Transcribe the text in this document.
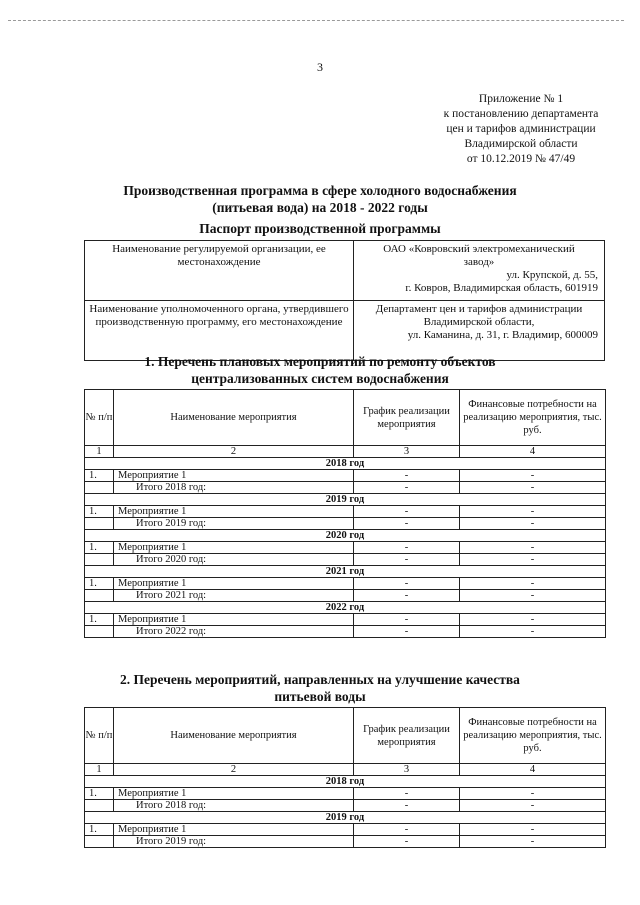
3
Приложение № 1
к постановлению департамента
цен и тарифов администрации
Владимирской области
от 10.12.2019 № 47/49
Производственная программа в сфере холодного водоснабжения
(питьевая вода) на 2018 - 2022 годы
Паспорт производственной программы
Наименование регулируемой организации, ее местонахождение	ОАО «Ковровский электромеханический
завод»
ул. Крупской, д. 55,
г. Ковров, Владимирская область, 601919

Наименование уполномоченного органа, утвердившего производственную программу, его местонахождение	Департамент цен и тарифов администрации
Владимирской области,
ул. Каманина, д. 31, г. Владимир, 600009
1. Перечень плановых мероприятий по ремонту объектов
централизованных систем водоснабжения
№ п/п	Наименование мероприятия	График реализации мероприятия	Финансовые потребности на реализацию мероприятия, тыс. руб.
1	2	3	4
2018 год			
1.	Мероприятие 1	-	-
	Итого 2018 год:	-	-
2019 год			
1.	Мероприятие 1	-	-
	Итого 2019 год:	-	-
2020 год			
1.	Мероприятие 1	-	-
	Итого 2020 год:	-	-
2021 год			
1.	Мероприятие 1	-	-
	Итого 2021 год:	-	-
2022 год			
1.	Мероприятие 1	-	-
	Итого 2022 год:	-	-
2. Перечень мероприятий, направленных на улучшение качества
питьевой воды
№ п/п	Наименование мероприятия	График реализации мероприятия	Финансовые потребности на реализацию мероприятия, тыс. руб.
1	2	3	4
2018 год			
1.	Мероприятие 1	-	-
	Итого 2018 год:	-	-
2019 год			
1.	Мероприятие 1	-	-
	Итого 2019 год:	-	-
